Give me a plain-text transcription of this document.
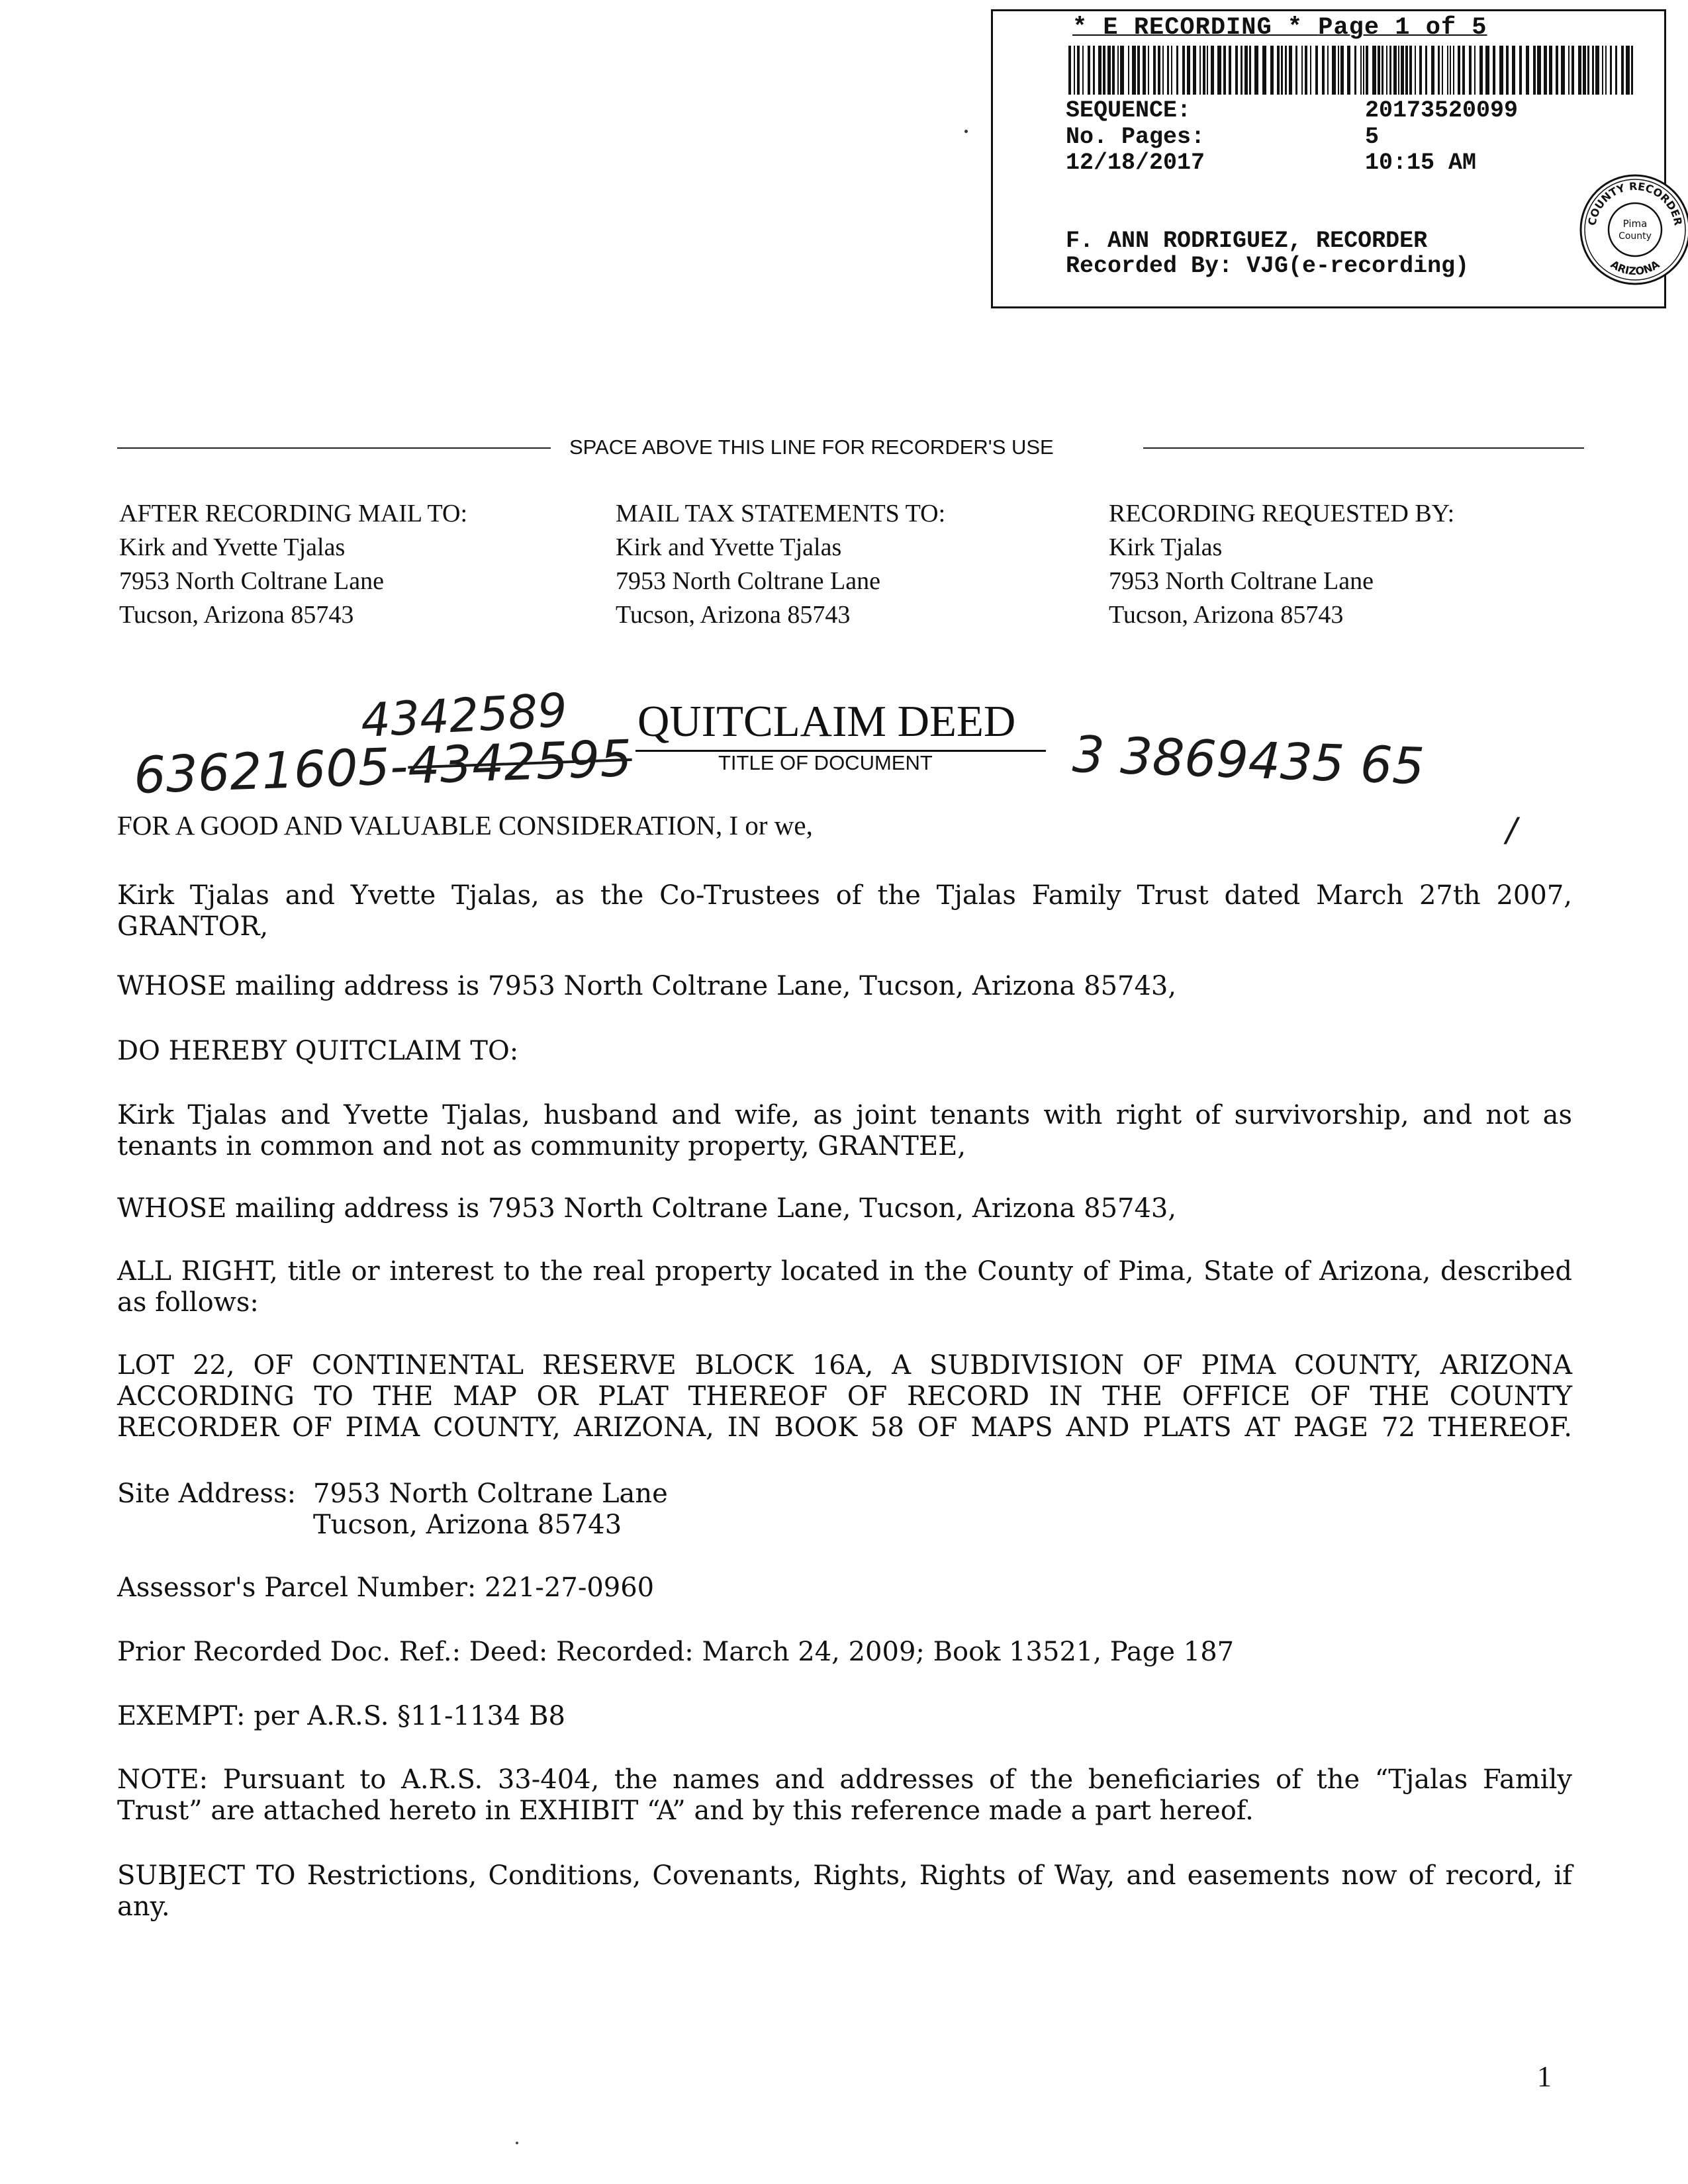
* E RECORDING * Page 1 of 5
SEQUENCE:	20173520099
No. Pages:	5
12/18/2017	10:15 AM
F. ANN RODRIGUEZ, RECORDER
Recorded By: VJG(e-recording)
COUNTY RECORDER
ARIZONA
Pima
County
SPACE ABOVE THIS LINE FOR RECORDER'S USE
AFTER RECORDING MAIL TO:
Kirk and Yvette Tjalas
7953 North Coltrane Lane
Tucson, Arizona 85743
MAIL TAX STATEMENTS TO:
Kirk and Yvette Tjalas
7953 North Coltrane Lane
Tucson, Arizona 85743
RECORDING REQUESTED BY:
Kirk Tjalas
7953 North Coltrane Lane
Tucson, Arizona 85743
4342589
63621605-4342595	3 3869435 65
/
QUITCLAIM DEED
TITLE OF DOCUMENT
FOR A GOOD AND VALUABLE CONSIDERATION, I or we,
Kirk Tjalas and Yvette Tjalas, as the Co-Trustees of the Tjalas Family Trust dated March 27th 2007,
GRANTOR,
WHOSE mailing address is 7953 North Coltrane Lane, Tucson, Arizona 85743,
DO HEREBY QUITCLAIM TO:
Kirk Tjalas and Yvette Tjalas, husband and wife, as joint tenants with right of survivorship, and not as
tenants in common and not as community property, GRANTEE,
WHOSE mailing address is 7953 North Coltrane Lane, Tucson, Arizona 85743,
ALL RIGHT, title or interest to the real property located in the County of Pima, State of Arizona, described
as follows:
LOT 22, OF CONTINENTAL RESERVE BLOCK 16A, A SUBDIVISION OF PIMA COUNTY, ARIZONA
ACCORDING TO THE MAP OR PLAT THEREOF OF RECORD IN THE OFFICE OF THE COUNTY
RECORDER OF PIMA COUNTY, ARIZONA, IN BOOK 58 OF MAPS AND PLATS AT PAGE 72 THEREOF.
Site Address: 7953 North Coltrane Lane
Tucson, Arizona 85743
Assessor's Parcel Number: 221-27-0960
Prior Recorded Doc. Ref.: Deed: Recorded: March 24, 2009; Book 13521, Page 187
EXEMPT: per A.R.S. §11-1134 B8
NOTE: Pursuant to A.R.S. 33-404, the names and addresses of the beneficiaries of the “Tjalas Family
Trust” are attached hereto in EXHIBIT “A” and by this reference made a part hereof.
SUBJECT TO Restrictions, Conditions, Covenants, Rights, Rights of Way, and easements now of record, if
any.
1
